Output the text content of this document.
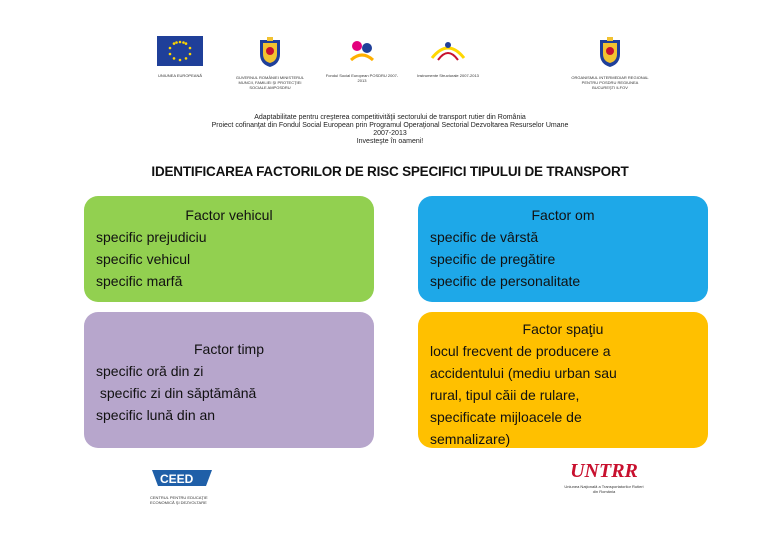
UNIUNEA EUROPEANĂ	GUVERNUL ROMÂNIEI MINISTERUL MUNCII, FAMILIEI ŞI PROTECŢIEI SOCIALE AMPOSDRU
Fondul Social European POSDRU 2007-2013
Instrumente Structurale 2007-2013	ORGANISMUL INTERMEDIAR REGIONAL PENTRU POSDRU REGIUNEA BUCUREŞTI ILFOV
Adaptabilitate pentru creşterea competitivităţii sectorului de transport rutier din România
Proiect cofinanţat din Fondul Social European prin Programul Operaţional Sectorial Dezvoltarea Resurselor Umane
2007-2013
Investeşte în oameni!
IDENTIFICAREA FACTORILOR DE RISC SPECIFICI TIPULUI DE TRANSPORT
Factor vehicul
specific prejudiciu
specific vehicul
specific marfă
Factor om
specific de vârstă
specific de pregătire
specific de personalitate
Factor timp
specific oră din zi
specific zi din săptămână
specific lună din an
Factor spaţiu
locul frecvent de producere a
accidentului (mediu urban sau
rural, tipul căii de rulare,
specificate mijloacele de
semnalizare)
CEED
CENTRUL PENTRU EDUCAŢIE ECONOMICĂ ŞI DEZVOLTARE
UNTRR
Uniunea Naţională a Transportatorilor Rutieri din România
